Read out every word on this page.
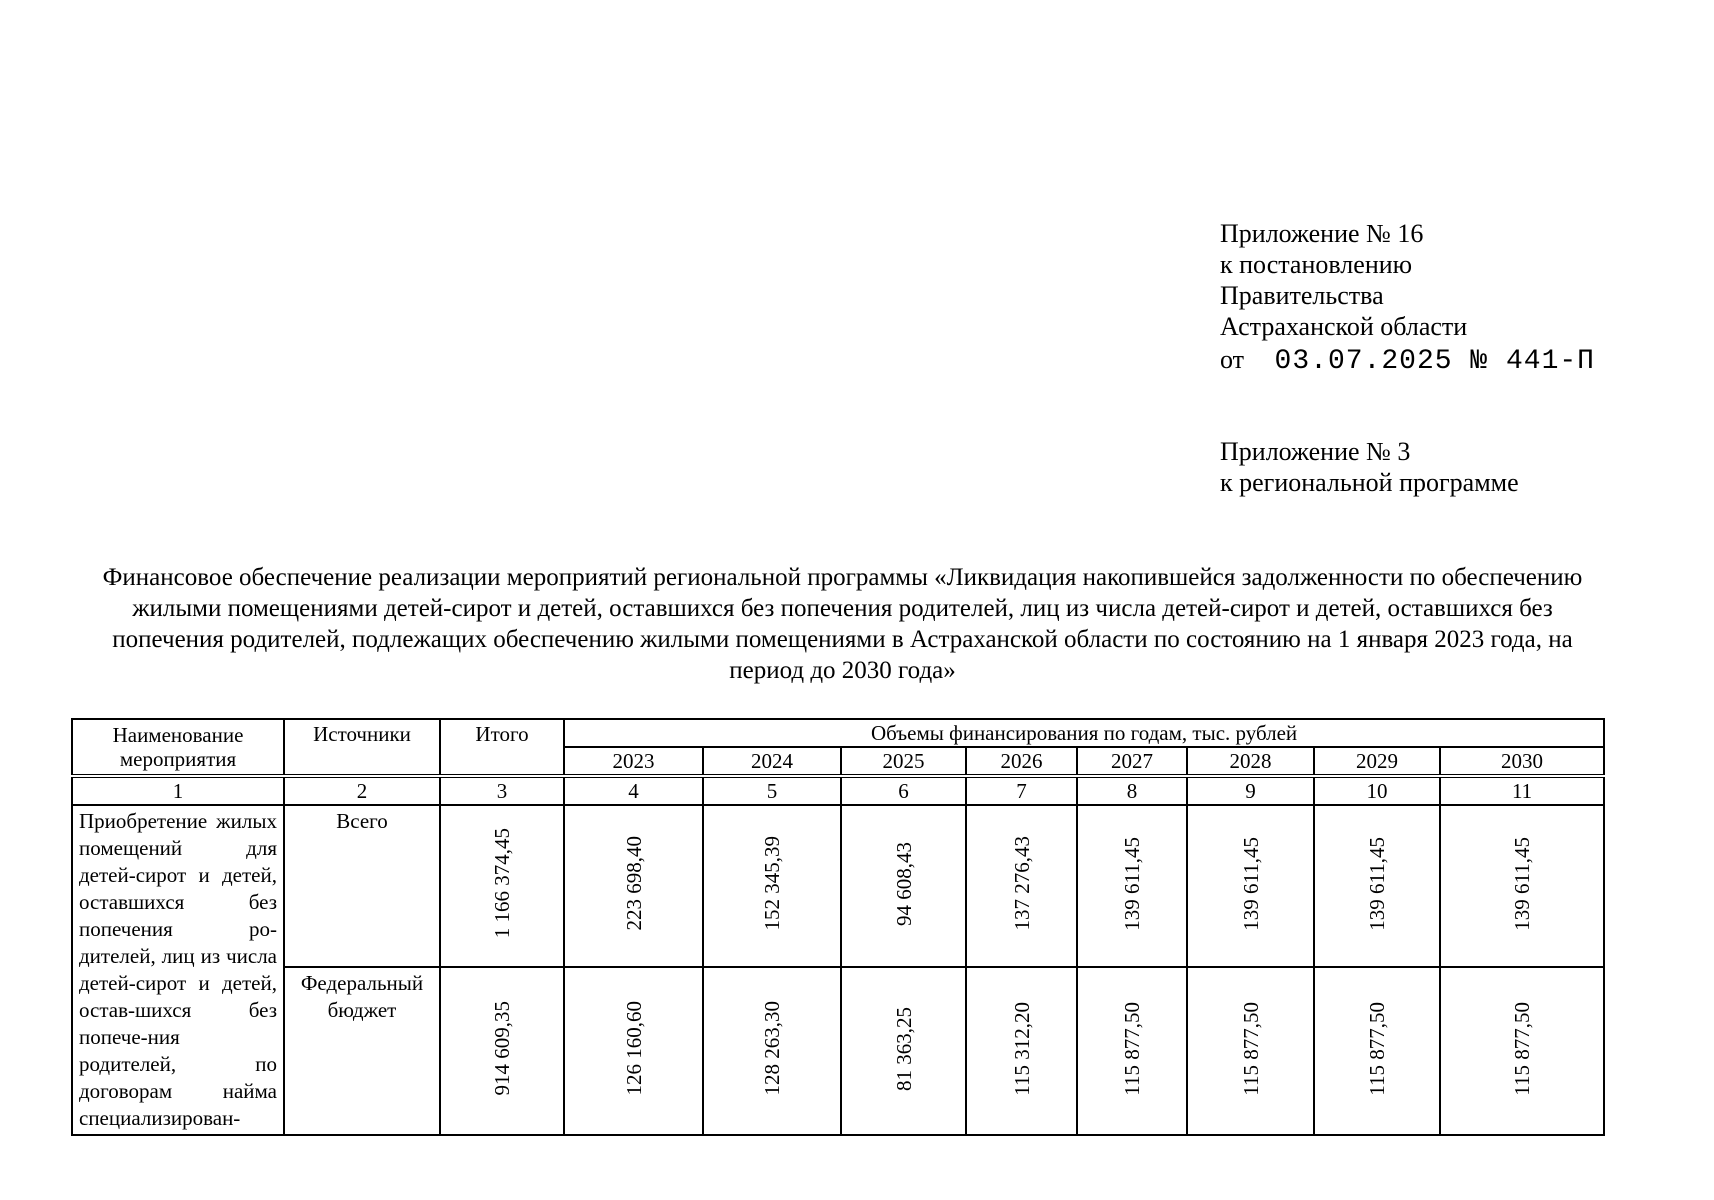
Приложение № 16
к постановлению
Правительства
Астраханской области
от 03.07.2025 № 441-П
Приложение № 3
к региональной программе
Финансовое обеспечение реализации мероприятий региональной программы «Ликвидация накопившейся задолженности по обеспечению жилыми помещениями детей-сирот и детей, оставшихся без попечения родителей, лиц из числа детей-сирот и детей, оставшихся без попечения родителей, подлежащих обеспечению жилыми помещениями в Астраханской области по состоянию на 1 января 2023 года, на период до 2030 года»
Наименование мероприятия	Источники	Итого	Объемы финансирования по годам, тыс. рублей							
			2023	2024	2025	2026	2027	2028	2029	2030
1	2	3	4	5	6	7	8	9	10	11
Приобретение жилых помещений для детей-сирот и детей, оставшихся без попечения ро-дителей, лиц из числа детей-сирот и детей, остав-шихся без попече-ния родителей, по договорам найма специализирован-	Всего	1 166 374,45	223 698,40	152 345,39	94 608,43	137 276,43	139 611,45	139 611,45	139 611,45	139 611,45
	Федеральный бюджет	914 609,35	126 160,60	128 263,30	81 363,25	115 312,20	115 877,50	115 877,50	115 877,50	115 877,50
